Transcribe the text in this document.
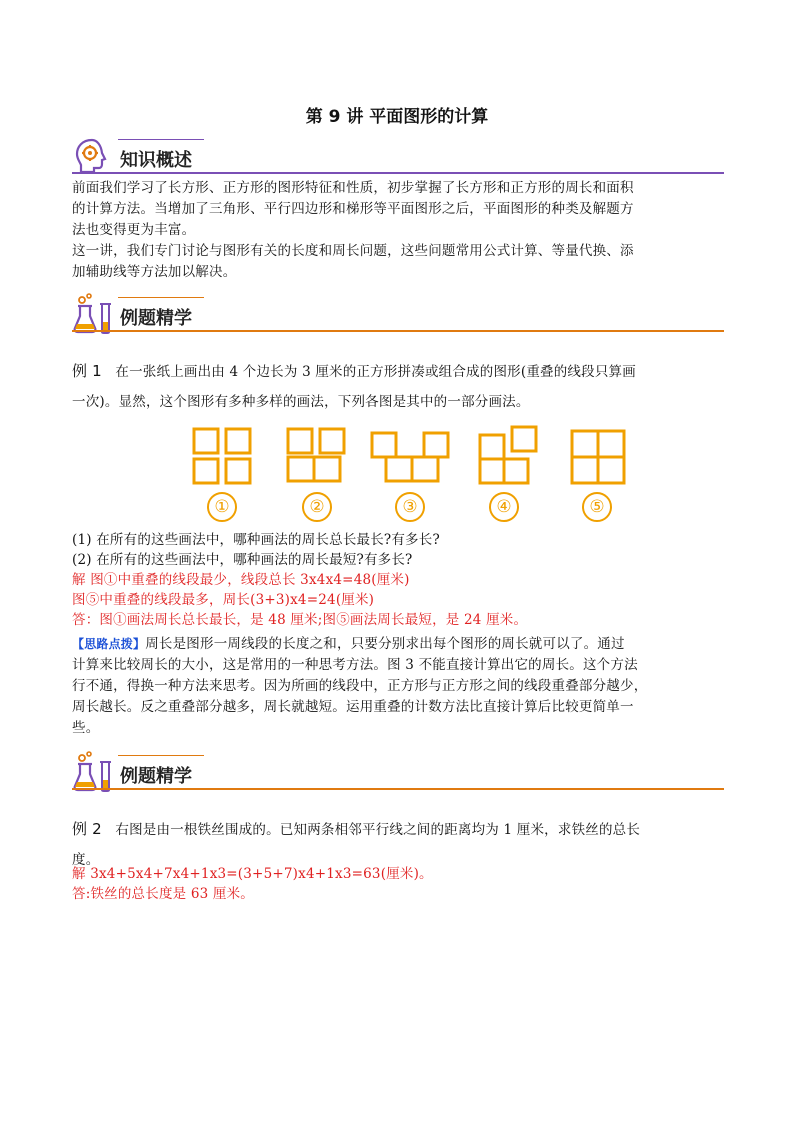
第 9 讲 平面图形的计算
知识概述
前面我们学习了长方形、正方形的图形特征和性质，初步掌握了长方形和正方形的周长和面积
的计算方法。当增加了三角形、平行四边形和梯形等平面图形之后，平面图形的种类及解题方
法也变得更为丰富。
这一讲，我们专门讨论与图形有关的长度和周长问题，这些问题常用公式计算、等量代换、添
加辅助线等方法加以解决。
例题精学
例 1 在一张纸上画出由 4 个边长为 3 厘米的正方形拼凑或组合成的图形(重叠的线段只算画
一次)。显然，这个图形有多种多样的画法，下列各图是其中的一部分画法。
①	②	③	④	⑤
(1) 在所有的这些画法中，哪种画法的周长总长最长?有多长?
(2) 在所有的这些画法中，哪种画法的周长最短?有多长?
解 图①中重叠的线段最少，线段总长 3x4x4=48(厘米)
图⑤中重叠的线段最多，周长(3+3)x4=24(厘米)
答：图①画法周长总长最长，是 48 厘米;图⑤画法周长最短，是 24 厘米。
【思路点拨】周长是图形一周线段的长度之和，只要分别求出每个图形的周长就可以了。通过
计算来比较周长的大小，这是常用的一种思考方法。图 3 不能直接计算出它的周长。这个方法
行不通，得换一种方法来思考。因为所画的线段中，正方形与正方形之间的线段重叠部分越少，
周长越长。反之重叠部分越多，周长就越短。运用重叠的计数方法比直接计算后比较更简单一
些。
例题精学
例 2 右图是由一根铁丝围成的。已知两条相邻平行线之间的距离均为 1 厘米，求铁丝的总长
度。
解 3x4+5x4+7x4+1x3=(3+5+7)x4+1x3=63(厘米)。
答:铁丝的总长度是 63 厘米。
